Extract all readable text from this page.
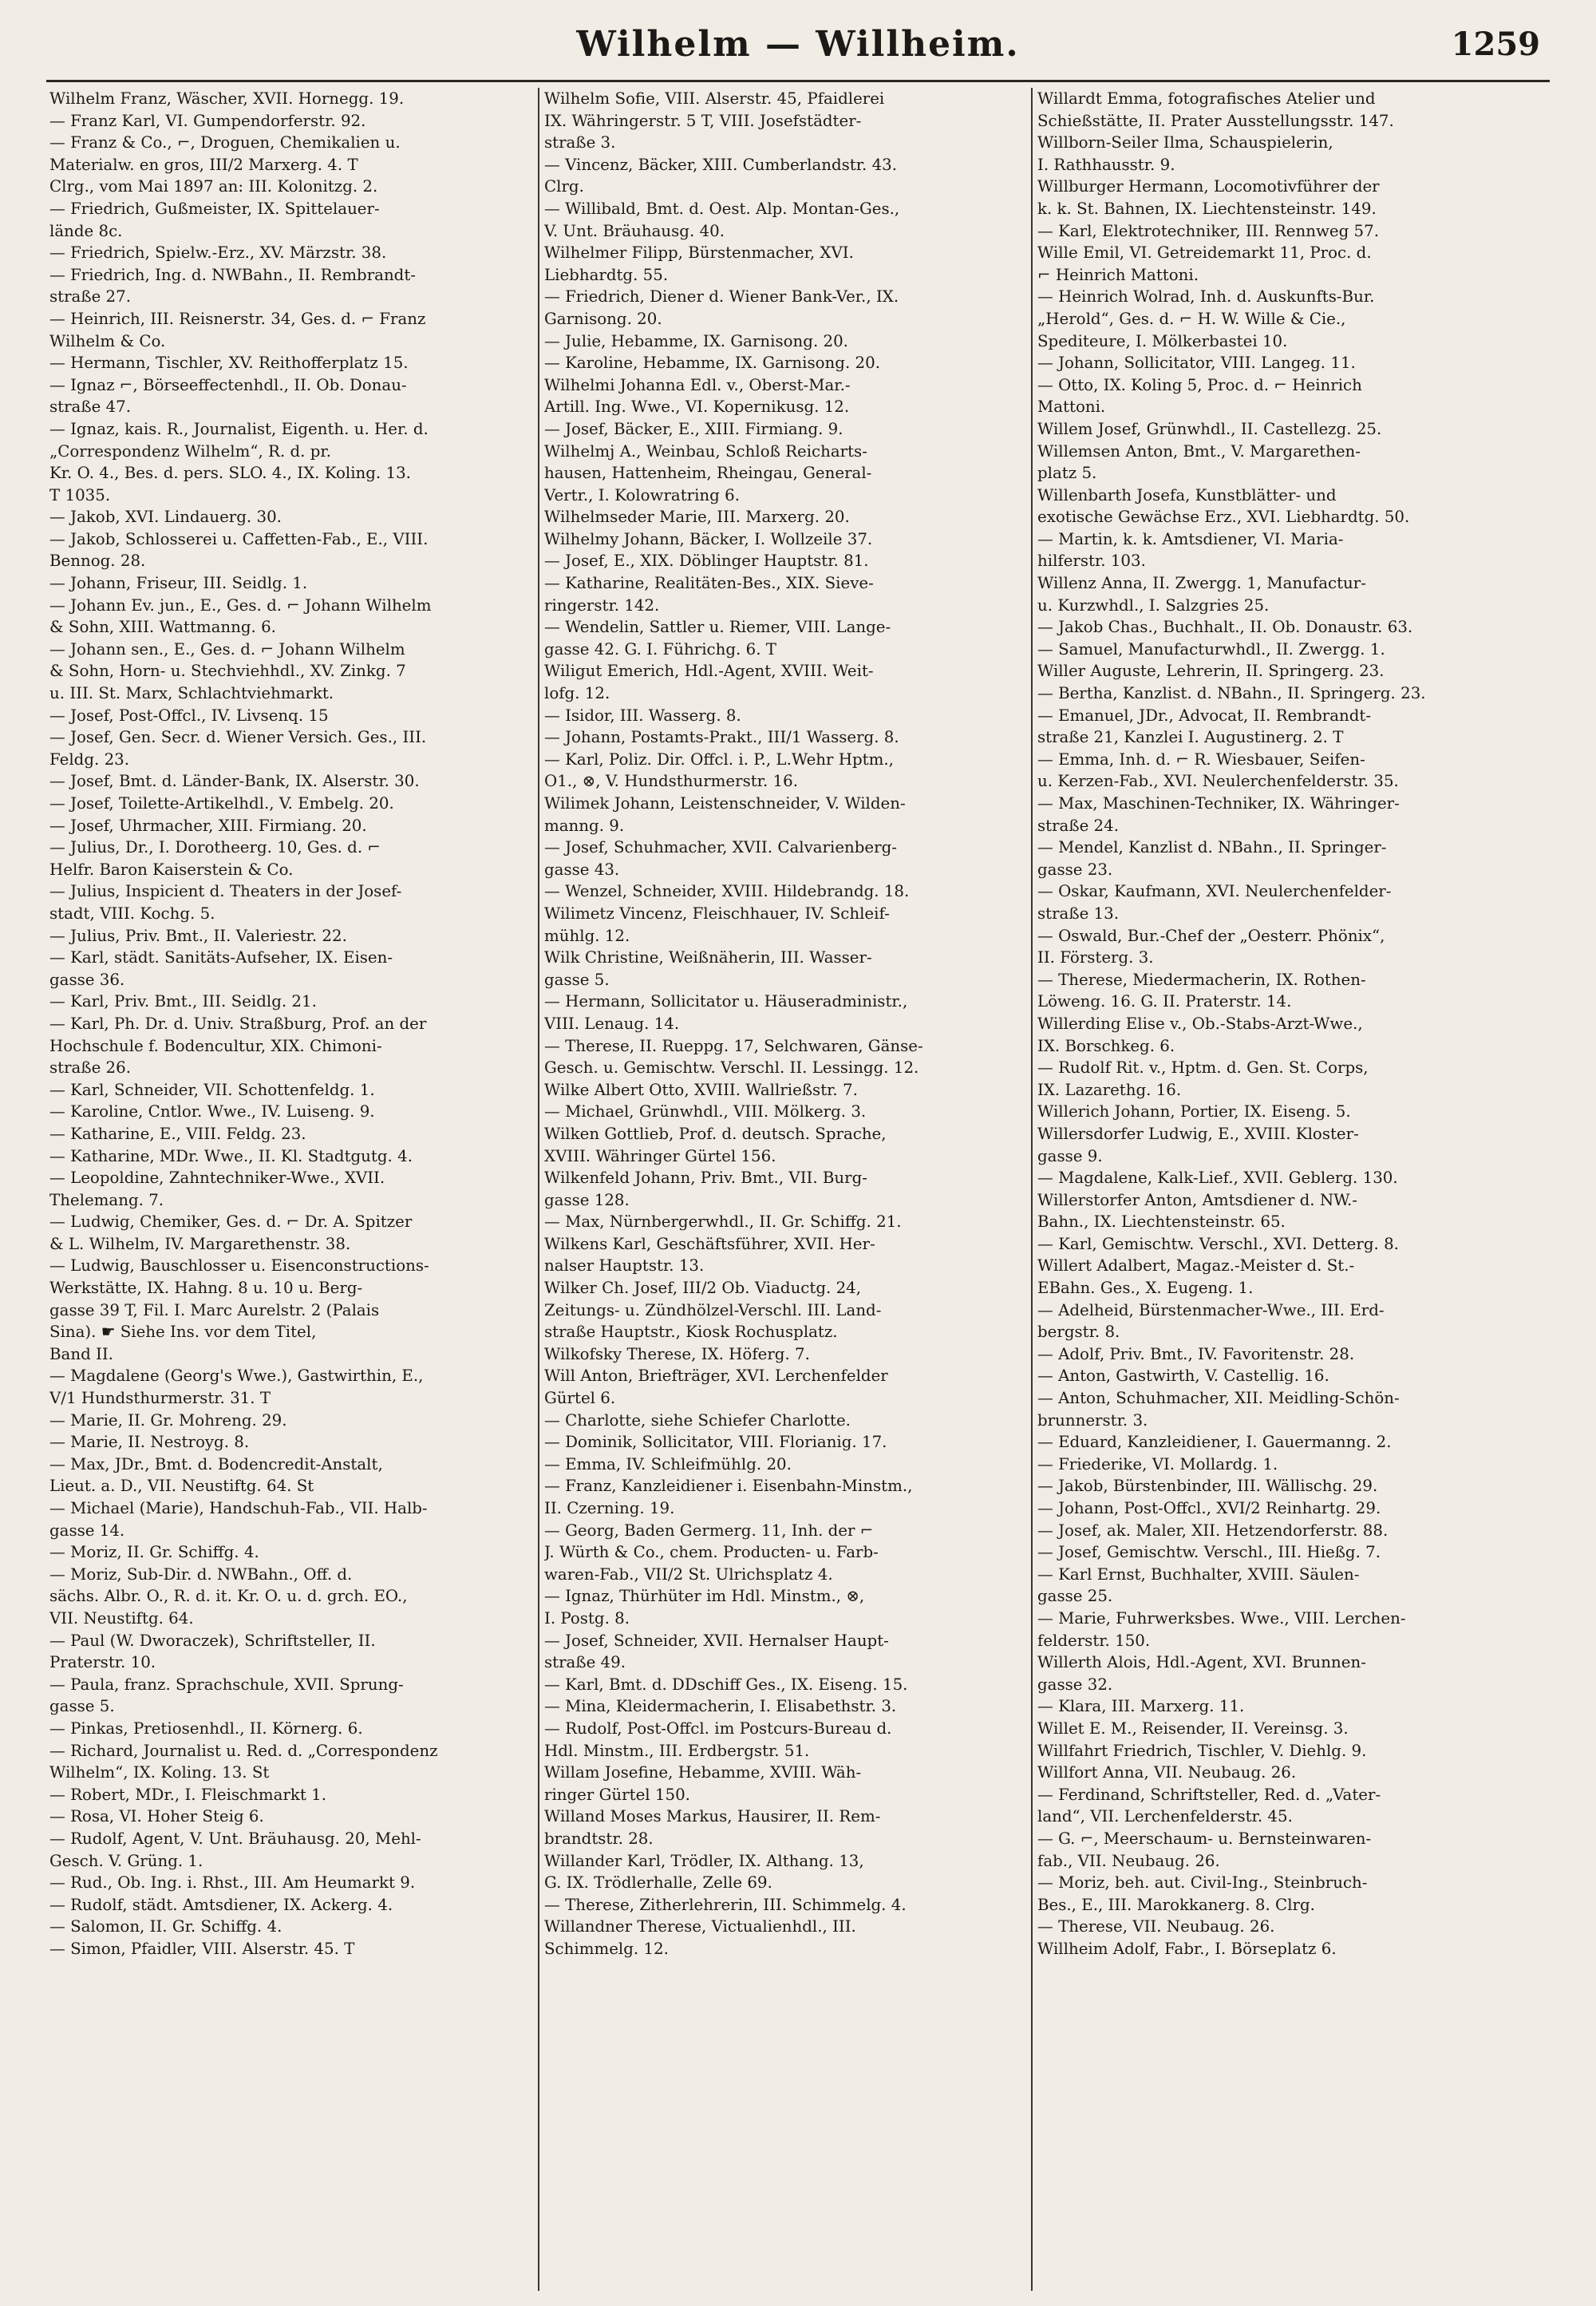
Wilhelm — Willheim.	1259
Wilhelm Franz, Wäscher, XVII. Hornegg. 19.
— Franz Karl, VI. Gumpendorferstr. 92.
— Franz & Co., ⌐, Droguen, Chemikalien u.
Materialw. en gros, III/2 Marxerg. 4. T
Clrg., vom Mai 1897 an: III. Kolonitzg. 2.
— Friedrich, Gußmeister, IX. Spittelauer-
lände 8c.
— Friedrich, Spielw.-Erz., XV. Märzstr. 38.
— Friedrich, Ing. d. NWBahn., II. Rembrandt-
straße 27.
— Heinrich, III. Reisnerstr. 34, Ges. d. ⌐ Franz
Wilhelm & Co.
— Hermann, Tischler, XV. Reithofferplatz 15.
— Ignaz ⌐, Börseeffectenhdl., II. Ob. Donau-
straße 47.
— Ignaz, kais. R., Journalist, Eigenth. u. Her. d.
„Correspondenz Wilhelm“, R. d. pr.
Kr. O. 4., Bes. d. pers. SLO. 4., IX. Koling. 13.
T 1035.
— Jakob, XVI. Lindauerg. 30.
— Jakob, Schlosserei u. Caffetten-Fab., E., VIII.
Bennog. 28.
— Johann, Friseur, III. Seidlg. 1.
— Johann Ev. jun., E., Ges. d. ⌐ Johann Wilhelm
& Sohn, XIII. Wattmanng. 6.
— Johann sen., E., Ges. d. ⌐ Johann Wilhelm
& Sohn, Horn- u. Stechviehhdl., XV. Zinkg. 7
u. III. St. Marx, Schlachtviehmarkt.
— Josef, Post-Offcl., IV. Livsenq. 15
— Josef, Gen. Secr. d. Wiener Versich. Ges., III.
Feldg. 23.
— Josef, Bmt. d. Länder-Bank, IX. Alserstr. 30.
— Josef, Toilette-Artikelhdl., V. Embelg. 20.
— Josef, Uhrmacher, XIII. Firmiang. 20.
— Julius, Dr., I. Dorotheerg. 10, Ges. d. ⌐
Helfr. Baron Kaiserstein & Co.
— Julius, Inspicient d. Theaters in der Josef-
stadt, VIII. Kochg. 5.
— Julius, Priv. Bmt., II. Valeriestr. 22.
— Karl, städt. Sanitäts-Aufseher, IX. Eisen-
gasse 36.
— Karl, Priv. Bmt., III. Seidlg. 21.
— Karl, Ph. Dr. d. Univ. Straßburg, Prof. an der
Hochschule f. Bodencultur, XIX. Chimoni-
straße 26.
— Karl, Schneider, VII. Schottenfeldg. 1.
— Karoline, Cntlor. Wwe., IV. Luiseng. 9.
— Katharine, E., VIII. Feldg. 23.
— Katharine, MDr. Wwe., II. Kl. Stadtgutg. 4.
— Leopoldine, Zahntechniker-Wwe., XVII.
Thelemang. 7.
— Ludwig, Chemiker, Ges. d. ⌐ Dr. A. Spitzer
& L. Wilhelm, IV. Margarethenstr. 38.
— Ludwig, Bauschlosser u. Eisenconstructions-
Werkstätte, IX. Hahng. 8 u. 10 u. Berg-
gasse 39 T, Fil. I. Marc Aurelstr. 2 (Palais
Sina). ☛ Siehe Ins. vor dem Titel,
Band II.
— Magdalene (Georg's Wwe.), Gastwirthin, E.,
V/1 Hundsthurmerstr. 31. T
— Marie, II. Gr. Mohreng. 29.
— Marie, II. Nestroyg. 8.
— Max, JDr., Bmt. d. Bodencredit-Anstalt,
Lieut. a. D., VII. Neustiftg. 64. St
— Michael (Marie), Handschuh-Fab., VII. Halb-
gasse 14.
— Moriz, II. Gr. Schiffg. 4.
— Moriz, Sub-Dir. d. NWBahn., Off. d.
sächs. Albr. O., R. d. it. Kr. O. u. d. grch. EO.,
VII. Neustiftg. 64.
— Paul (W. Dworaczek), Schriftsteller, II.
Praterstr. 10.
— Paula, franz. Sprachschule, XVII. Sprung-
gasse 5.
— Pinkas, Pretiosenhdl., II. Körnerg. 6.
— Richard, Journalist u. Red. d. „Correspondenz
Wilhelm“, IX. Koling. 13. St
— Robert, MDr., I. Fleischmarkt 1.
— Rosa, VI. Hoher Steig 6.
— Rudolf, Agent, V. Unt. Bräuhausg. 20, Mehl-
Gesch. V. Grüng. 1.
— Rud., Ob. Ing. i. Rhst., III. Am Heumarkt 9.
— Rudolf, städt. Amtsdiener, IX. Ackerg. 4.
— Salomon, II. Gr. Schiffg. 4.
— Simon, Pfaidler, VIII. Alserstr. 45. T
Wilhelm Sofie, VIII. Alserstr. 45, Pfaidlerei
IX. Währingerstr. 5 T, VIII. Josefstädter-
straße 3.
— Vincenz, Bäcker, XIII. Cumberlandstr. 43.
Clrg.
— Willibald, Bmt. d. Oest. Alp. Montan-Ges.,
V. Unt. Bräuhausg. 40.
Wilhelmer Filipp, Bürstenmacher, XVI.
Liebhardtg. 55.
— Friedrich, Diener d. Wiener Bank-Ver., IX.
Garnisong. 20.
— Julie, Hebamme, IX. Garnisong. 20.
— Karoline, Hebamme, IX. Garnisong. 20.
Wilhelmi Johanna Edl. v., Oberst-Mar.-
Artill. Ing. Wwe., VI. Kopernikusg. 12.
— Josef, Bäcker, E., XIII. Firmiang. 9.
Wilhelmj A., Weinbau, Schloß Reicharts-
hausen, Hattenheim, Rheingau, General-
Vertr., I. Kolowratring 6.
Wilhelmseder Marie, III. Marxerg. 20.
Wilhelmy Johann, Bäcker, I. Wollzeile 37.
— Josef, E., XIX. Döblinger Hauptstr. 81.
— Katharine, Realitäten-Bes., XIX. Sieve-
ringerstr. 142.
— Wendelin, Sattler u. Riemer, VIII. Lange-
gasse 42. G. I. Führichg. 6. T
Wiligut Emerich, Hdl.-Agent, XVIII. Weit-
lofg. 12.
— Isidor, III. Wasserg. 8.
— Johann, Postamts-Prakt., III/1 Wasserg. 8.
— Karl, Poliz. Dir. Offcl. i. P., L.Wehr Hptm.,
O1., ⊗, V. Hundsthurmerstr. 16.
Wilimek Johann, Leistenschneider, V. Wilden-
manng. 9.
— Josef, Schuhmacher, XVII. Calvarienberg-
gasse 43.
— Wenzel, Schneider, XVIII. Hildebrandg. 18.
Wilimetz Vincenz, Fleischhauer, IV. Schleif-
mühlg. 12.
Wilk Christine, Weißnäherin, III. Wasser-
gasse 5.
— Hermann, Sollicitator u. Häuseradministr.,
VIII. Lenaug. 14.
— Therese, II. Rueppg. 17, Selchwaren, Gänse-
Gesch. u. Gemischtw. Verschl. II. Lessingg. 12.
Wilke Albert Otto, XVIII. Wallrießstr. 7.
— Michael, Grünwhdl., VIII. Mölkerg. 3.
Wilken Gottlieb, Prof. d. deutsch. Sprache,
XVIII. Währinger Gürtel 156.
Wilkenfeld Johann, Priv. Bmt., VII. Burg-
gasse 128.
— Max, Nürnbergerwhdl., II. Gr. Schiffg. 21.
Wilkens Karl, Geschäftsführer, XVII. Her-
nalser Hauptstr. 13.
Wilker Ch. Josef, III/2 Ob. Viaductg. 24,
Zeitungs- u. Zündhölzel-Verschl. III. Land-
straße Hauptstr., Kiosk Rochusplatz.
Wilkofsky Therese, IX. Höferg. 7.
Will Anton, Briefträger, XVI. Lerchenfelder
Gürtel 6.
— Charlotte, siehe Schiefer Charlotte.
— Dominik, Sollicitator, VIII. Florianig. 17.
— Emma, IV. Schleifmühlg. 20.
— Franz, Kanzleidiener i. Eisenbahn-Minstm.,
II. Czerning. 19.
— Georg, Baden Germerg. 11, Inh. der ⌐
J. Würth & Co., chem. Producten- u. Farb-
waren-Fab., VII/2 St. Ulrichsplatz 4.
— Ignaz, Thürhüter im Hdl. Minstm., ⊗,
I. Postg. 8.
— Josef, Schneider, XVII. Hernalser Haupt-
straße 49.
— Karl, Bmt. d. DDschiff Ges., IX. Eiseng. 15.
— Mina, Kleidermacherin, I. Elisabethstr. 3.
— Rudolf, Post-Offcl. im Postcurs-Bureau d.
Hdl. Minstm., III. Erdbergstr. 51.
Willam Josefine, Hebamme, XVIII. Wäh-
ringer Gürtel 150.
Willand Moses Markus, Hausirer, II. Rem-
brandtstr. 28.
Willander Karl, Trödler, IX. Althang. 13,
G. IX. Trödlerhalle, Zelle 69.
— Therese, Zitherlehrerin, III. Schimmelg. 4.
Willandner Therese, Victualienhdl., III.
Schimmelg. 12.
Willardt Emma, fotografisches Atelier und
Schießstätte, II. Prater Ausstellungsstr. 147.
Willborn-Seiler Ilma, Schauspielerin,
I. Rathhausstr. 9.
Willburger Hermann, Locomotivführer der
k. k. St. Bahnen, IX. Liechtensteinstr. 149.
— Karl, Elektrotechniker, III. Rennweg 57.
Wille Emil, VI. Getreidemarkt 11, Proc. d.
⌐ Heinrich Mattoni.
— Heinrich Wolrad, Inh. d. Auskunfts-Bur.
„Herold“, Ges. d. ⌐ H. W. Wille & Cie.,
Spediteure, I. Mölkerbastei 10.
— Johann, Sollicitator, VIII. Langeg. 11.
— Otto, IX. Koling 5, Proc. d. ⌐ Heinrich
Mattoni.
Willem Josef, Grünwhdl., II. Castellezg. 25.
Willemsen Anton, Bmt., V. Margarethen-
platz 5.
Willenbarth Josefa, Kunstblätter- und
exotische Gewächse Erz., XVI. Liebhardtg. 50.
— Martin, k. k. Amtsdiener, VI. Maria-
hilferstr. 103.
Willenz Anna, II. Zwergg. 1, Manufactur-
u. Kurzwhdl., I. Salzgries 25.
— Jakob Chas., Buchhalt., II. Ob. Donaustr. 63.
— Samuel, Manufacturwhdl., II. Zwergg. 1.
Willer Auguste, Lehrerin, II. Springerg. 23.
— Bertha, Kanzlist. d. NBahn., II. Springerg. 23.
— Emanuel, JDr., Advocat, II. Rembrandt-
straße 21, Kanzlei I. Augustinerg. 2. T
— Emma, Inh. d. ⌐ R. Wiesbauer, Seifen-
u. Kerzen-Fab., XVI. Neulerchenfelderstr. 35.
— Max, Maschinen-Techniker, IX. Währinger-
straße 24.
— Mendel, Kanzlist d. NBahn., II. Springer-
gasse 23.
— Oskar, Kaufmann, XVI. Neulerchenfelder-
straße 13.
— Oswald, Bur.-Chef der „Oesterr. Phönix“,
II. Försterg. 3.
— Therese, Miedermacherin, IX. Rothen-
Löweng. 16. G. II. Praterstr. 14.
Willerding Elise v., Ob.-Stabs-Arzt-Wwe.,
IX. Borschkeg. 6.
— Rudolf Rit. v., Hptm. d. Gen. St. Corps,
IX. Lazarethg. 16.
Willerich Johann, Portier, IX. Eiseng. 5.
Willersdorfer Ludwig, E., XVIII. Kloster-
gasse 9.
— Magdalene, Kalk-Lief., XVII. Geblerg. 130.
Willerstorfer Anton, Amtsdiener d. NW.-
Bahn., IX. Liechtensteinstr. 65.
— Karl, Gemischtw. Verschl., XVI. Detterg. 8.
Willert Adalbert, Magaz.-Meister d. St.-
EBahn. Ges., X. Eugeng. 1.
— Adelheid, Bürstenmacher-Wwe., III. Erd-
bergstr. 8.
— Adolf, Priv. Bmt., IV. Favoritenstr. 28.
— Anton, Gastwirth, V. Castellig. 16.
— Anton, Schuhmacher, XII. Meidling-Schön-
brunnerstr. 3.
— Eduard, Kanzleidiener, I. Gauermanng. 2.
— Friederike, VI. Mollardg. 1.
— Jakob, Bürstenbinder, III. Wällischg. 29.
— Johann, Post-Offcl., XVI/2 Reinhartg. 29.
— Josef, ak. Maler, XII. Hetzendorferstr. 88.
— Josef, Gemischtw. Verschl., III. Hießg. 7.
— Karl Ernst, Buchhalter, XVIII. Säulen-
gasse 25.
— Marie, Fuhrwerksbes. Wwe., VIII. Lerchen-
felderstr. 150.
Willerth Alois, Hdl.-Agent, XVI. Brunnen-
gasse 32.
— Klara, III. Marxerg. 11.
Willet E. M., Reisender, II. Vereinsg. 3.
Willfahrt Friedrich, Tischler, V. Diehlg. 9.
Willfort Anna, VII. Neubaug. 26.
— Ferdinand, Schriftsteller, Red. d. „Vater-
land“, VII. Lerchenfelderstr. 45.
— G. ⌐, Meerschaum- u. Bernsteinwaren-
fab., VII. Neubaug. 26.
— Moriz, beh. aut. Civil-Ing., Steinbruch-
Bes., E., III. Marokkanerg. 8. Clrg.
— Therese, VII. Neubaug. 26.
Willheim Adolf, Fabr., I. Börseplatz 6.
